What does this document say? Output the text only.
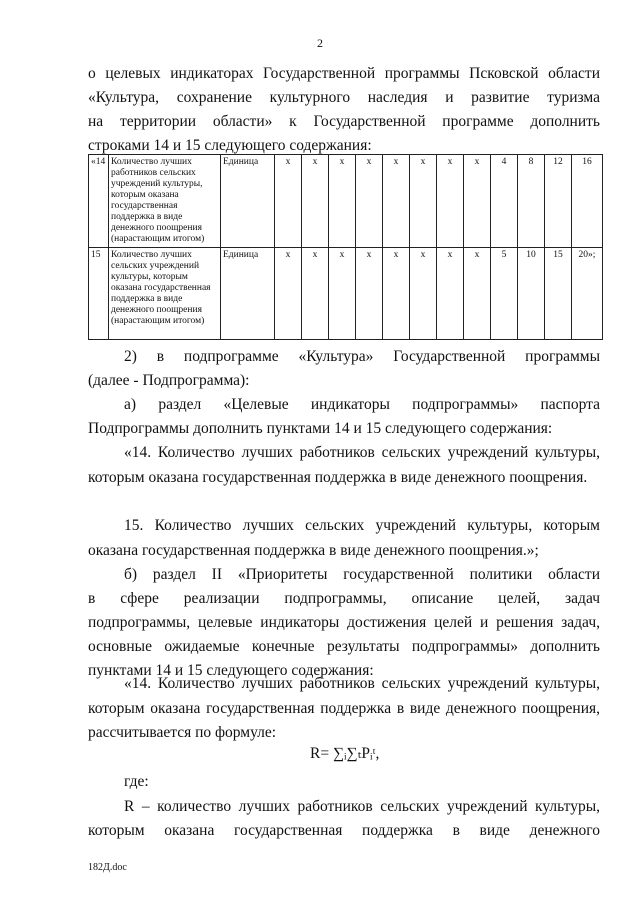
2

о целевых индикаторах Государственной программы Псковской области

«Культура, сохранение культурного наследия и развитие туризма

на территории области» к Государственной программе дополнить

строками 14 и 15 следующего содержания:

«14	Количество лучших работников сельских учреждений культуры, которым оказана государственная поддержка в виде денежного поощрения (нарастающим итогом)	Единица	х	х	х	х	х	х	х	х	4	8	12	16
15	Количество лучших сельских учреждений культуры, которым оказана государственная поддержка в виде денежного поощрения (нарастающим итогом)	Единица	х	х	х	х	х	х	х	х	5	10	15	20»;

2) в подпрограмме «Культура» Государственной программы

(далее - Подпрограмма):

а) раздел «Целевые индикаторы подпрограммы» паспорта

Подпрограммы дополнить пунктами 14 и 15 следующего содержания:

«14. Количество лучших работников сельских учреждений культуры, которым оказана государственная поддержка в виде денежного поощрения.

15. Количество лучших сельских учреждений культуры, которым оказана государственная поддержка в виде денежного поощрения.»;

б) раздел II «Приоритеты государственной политики области

в сфере реализации подпрограммы, описание целей, задач

подпрограммы, целевые индикаторы достижения целей и решения задач,

основные ожидаемые конечные результаты подпрограммы» дополнить

пунктами 14 и 15 следующего содержания:

«14. Количество лучших работников сельских учреждений культуры, которым оказана государственная поддержка в виде денежного поощрения, рассчитывается по формуле:

R= ∑ᵢ∑ₜPᵢᵗ,

где:

R – количество лучших работников сельских учреждений культуры,

которым оказана государственная поддержка в виде денежного

182Д.doc
